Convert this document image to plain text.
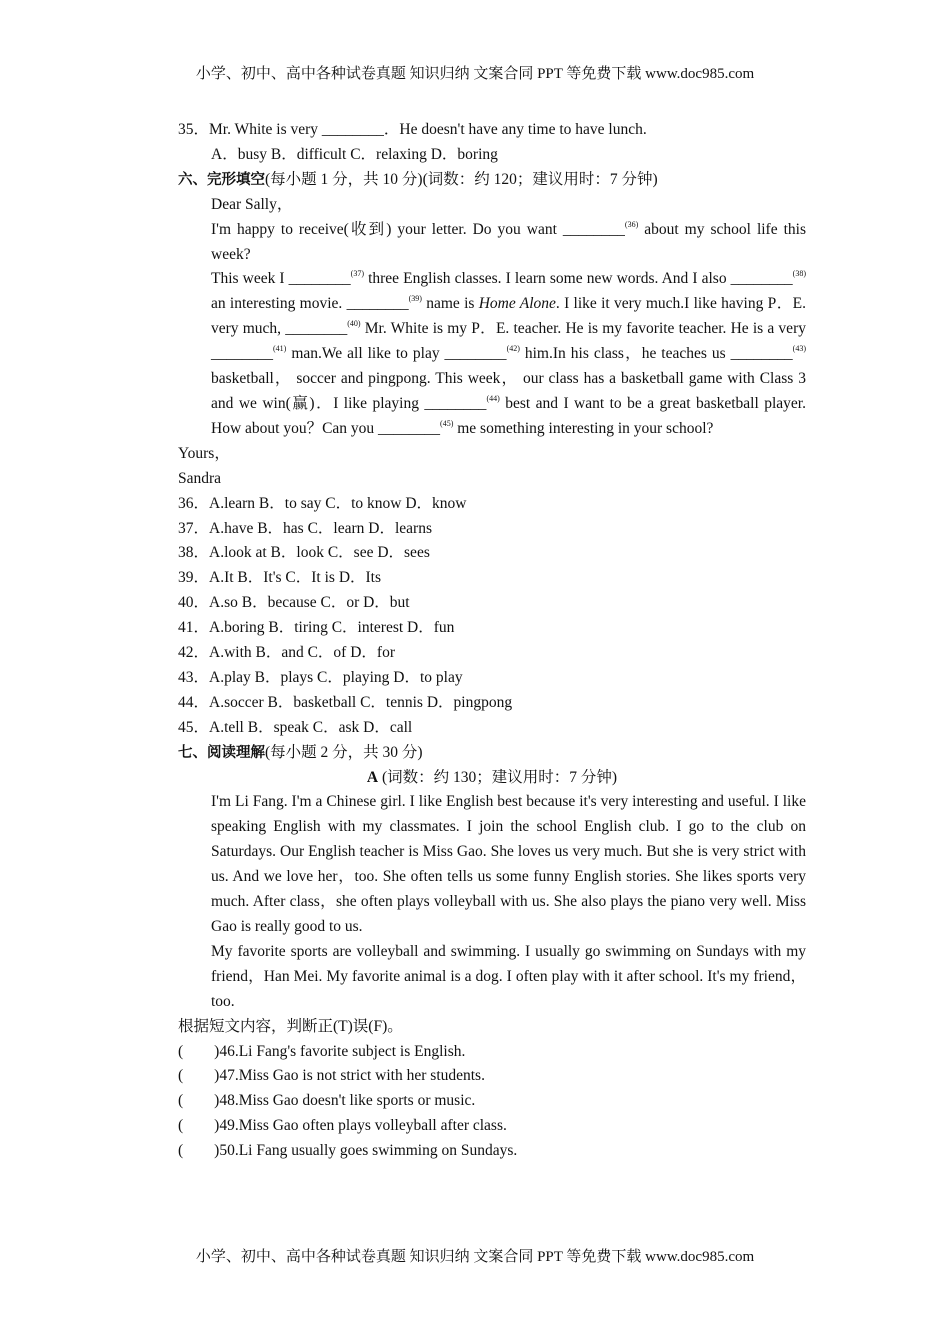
小学、初中、高中各种试卷真题 知识归纳 文案合同 PPT 等免费下载 www.doc985.com
35．Mr. White is very ________．He doesn't have any time to have lunch.
A．busy B．difficult C．relaxing D．boring
六、完形填空(每小题 1 分，共 10 分)(词数：约 120；建议用时：7 分钟)
Dear Sally，
I'm happy to receive(收到) your letter. Do you want ________$^{(36)}$ about my school life this week?
This week I ________$^{(37)}$ three English classes. I learn some new words. And I also ________$^{(38)}$ an interesting movie. ________$^{(39)}$ name is Home Alone. I like it very much.I like having P．E. very much, ________$^{(40)}$ Mr. White is my P．E. teacher. He is my favorite teacher. He is a very ________$^{(41)}$ man.We all like to play ________$^{(42)}$ him.In his class，he teaches us ________$^{(43)}$ basketball， soccer and pingpong. This week， our class has a basketball game with Class 3 and we win(赢)．I like playing ________$^{(44)}$ best and I want to be a great basketball player. How about you？Can you ________$^{(45)}$ me something interesting in your school?
Yours，
Sandra
36．A.learn B．to say C．to know D．know
37．A.have B．has C．learn D．learns
38．A.look at B．look C．see D．sees
39．A.It B．It's C．It is D．Its
40．A.so B．because C．or D．but
41．A.boring B．tiring C．interest D．fun
42．A.with B．and C．of D．for
43．A.play B．plays C．playing D．to play
44．A.soccer B．basketball C．tennis D．pingpong
45．A.tell B．speak C．ask D．call
七、阅读理解(每小题 2 分，共 30 分)
A (词数：约 130；建议用时：7 分钟)
I'm Li Fang. I'm a Chinese girl. I like English best because it's very interesting and useful. I like speaking English with my classmates. I join the school English club. I go to the club on Saturdays. Our English teacher is Miss Gao. She loves us very much. But she is very strict with us. And we love her，too. She often tells us some funny English stories. She likes sports very much. After class，she often plays volleyball with us. She also plays the piano very well. Miss Gao is really good to us.
My favorite sports are volleyball and swimming. I usually go swimming on Sundays with my friend，Han Mei. My favorite animal is a dog. I often play with it after school. It's my friend，too.
根据短文内容，判断正(T)误(F)。
(　　)46.Li Fang's favorite subject is English.
(　　)47.Miss Gao is not strict with her students.
(　　)48.Miss Gao doesn't like sports or music.
(　　)49.Miss Gao often plays volleyball after class.
(　　)50.Li Fang usually goes swimming on Sundays.
小学、初中、高中各种试卷真题 知识归纳 文案合同 PPT 等免费下载 www.doc985.com
